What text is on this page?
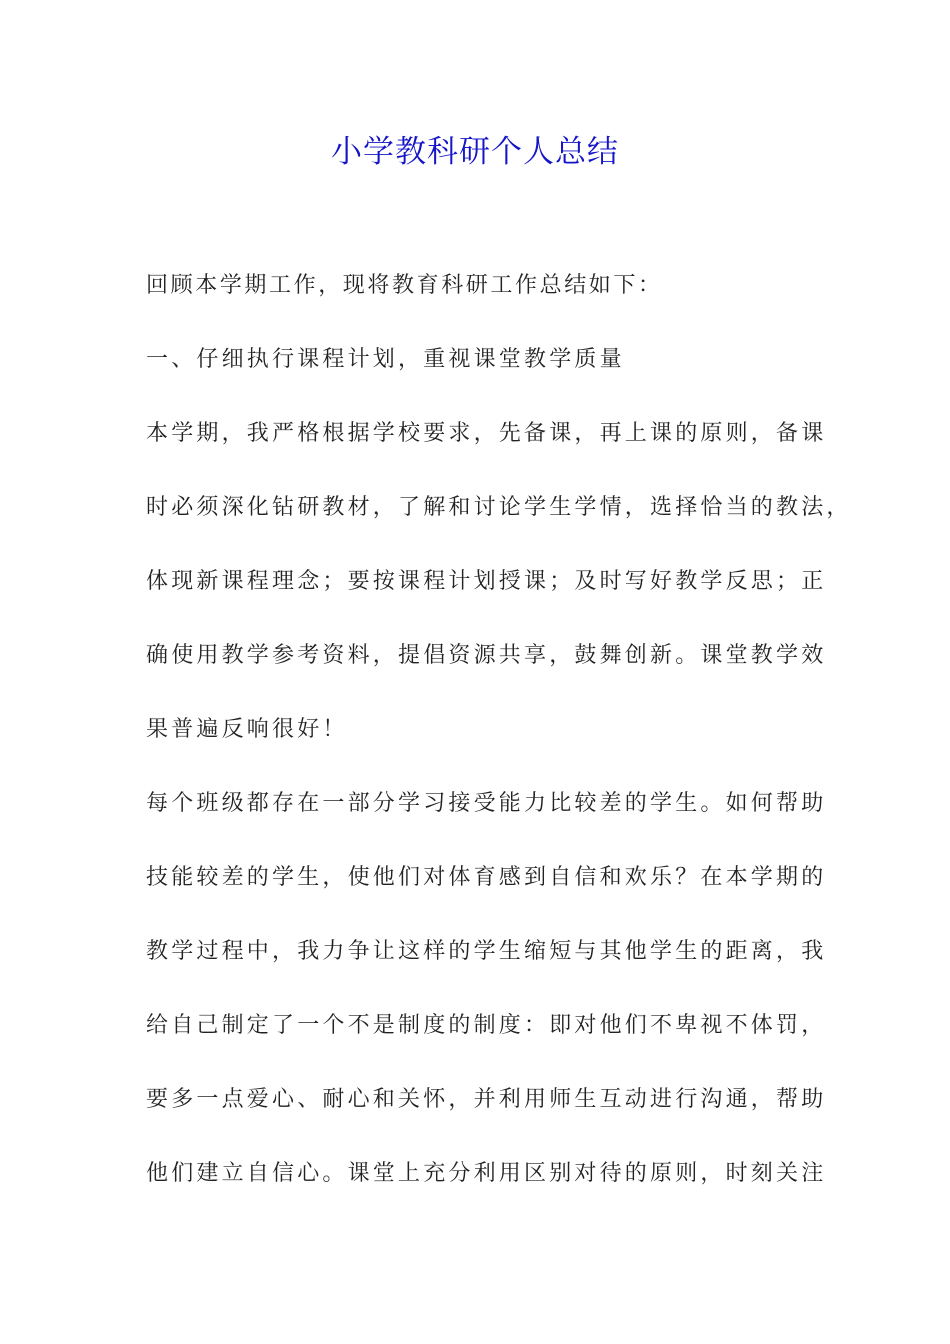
小学教科研个人总结
回顾本学期工作，现将教育科研工作总结如下：
一、仔细执行课程计划，重视课堂教学质量
本学期，我严格根据学校要求，先备课，再上课的原则，备课
时必须深化钻研教材，了解和讨论学生学情，选择恰当的教法，
体现新课程理念；要按课程计划授课；及时写好教学反思；正
确使用教学参考资料，提倡资源共享，鼓舞创新。课堂教学效
果普遍反响很好！
每个班级都存在一部分学习接受能力比较差的学生。如何帮助
技能较差的学生，使他们对体育感到自信和欢乐？在本学期的
教学过程中，我力争让这样的学生缩短与其他学生的距离，我
给自己制定了一个不是制度的制度：即对他们不卑视不体罚，
要多一点爱心、耐心和关怀，并利用师生互动进行沟通，帮助
他们建立自信心。课堂上充分利用区别对待的原则，时刻关注
